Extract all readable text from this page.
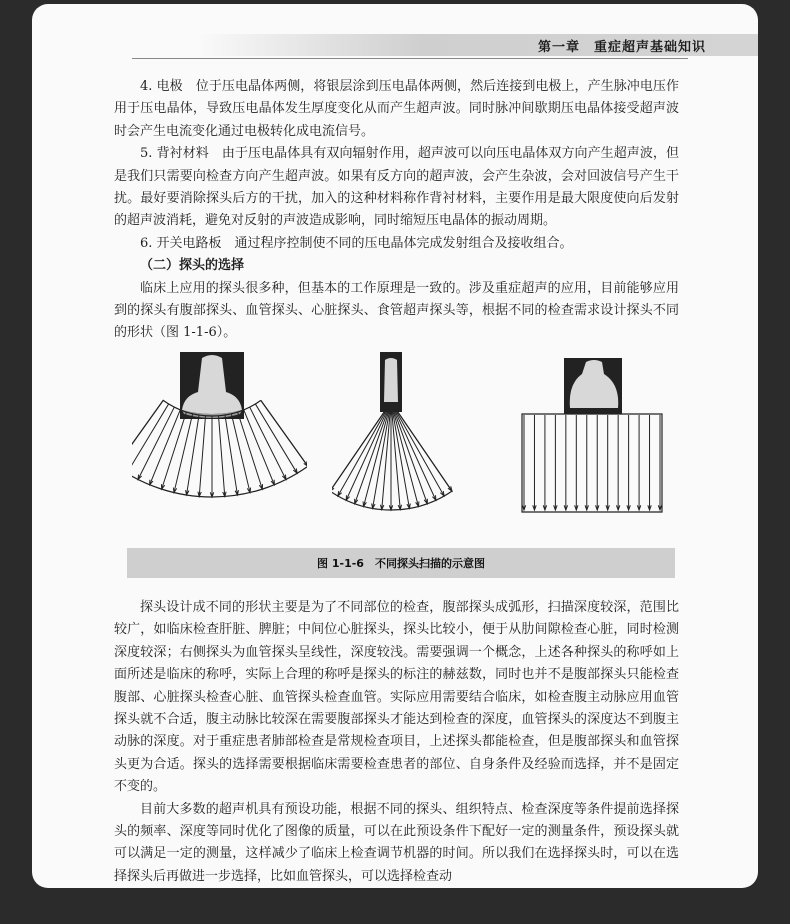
第一章　重症超声基础知识

4. 电极　位于压电晶体两侧，将银层涂到压电晶体两侧，然后连接到电极上，产生脉冲电压作用于压电晶体，导致压电晶体发生厚度变化从而产生超声波。同时脉冲间歇期压电晶体接受超声波时会产生电流变化通过电极转化成电流信号。

5. 背衬材料　由于压电晶体具有双向辐射作用，超声波可以向压电晶体双方向产生超声波，但是我们只需要向检查方向产生超声波。如果有反方向的超声波，会产生杂波，会对回波信号产生干扰。最好要消除探头后方的干扰，加入的这种材料称作背衬材料，主要作用是最大限度使向后发射的超声波消耗，避免对反射的声波造成影响，同时缩短压电晶体的振动周期。

6. 开关电路板　通过程序控制使不同的压电晶体完成发射组合及接收组合。

（二）探头的选择

临床上应用的探头很多种，但基本的工作原理是一致的。涉及重症超声的应用，目前能够应用到的探头有腹部探头、血管探头、心脏探头、食管超声探头等，根据不同的检查需求设计探头不同的形状（图 1-1-6）。

图 1-1-6　不同探头扫描的示意图

探头设计成不同的形状主要是为了不同部位的检查，腹部探头成弧形，扫描深度较深，范围比较广，如临床检查肝脏、脾脏；中间位心脏探头，探头比较小，便于从肋间隙检查心脏，同时检测深度较深；右侧探头为血管探头呈线性，深度较浅。需要强调一个概念，上述各种探头的称呼如上面所述是临床的称呼，实际上合理的称呼是探头的标注的赫兹数，同时也并不是腹部探头只能检查腹部、心脏探头检查心脏、血管探头检查血管。实际应用需要结合临床，如检查腹主动脉应用血管探头就不合适，腹主动脉比较深在需要腹部探头才能达到检查的深度，血管探头的深度达不到腹主动脉的深度。对于重症患者肺部检查是常规检查项目，上述探头都能检查，但是腹部探头和血管探头更为合适。探头的选择需要根据临床需要检查患者的部位、自身条件及经验而选择，并不是固定不变的。

目前大多数的超声机具有预设功能，根据不同的探头、组织特点、检查深度等条件提前选择探头的频率、深度等同时优化了图像的质量，可以在此预设条件下配好一定的测量条件，预设探头就可以满足一定的测量，这样减少了临床上检查调节机器的时间。所以我们在选择探头时，可以在选择探头后再做进一步选择，比如血管探头，可以选择检查动
